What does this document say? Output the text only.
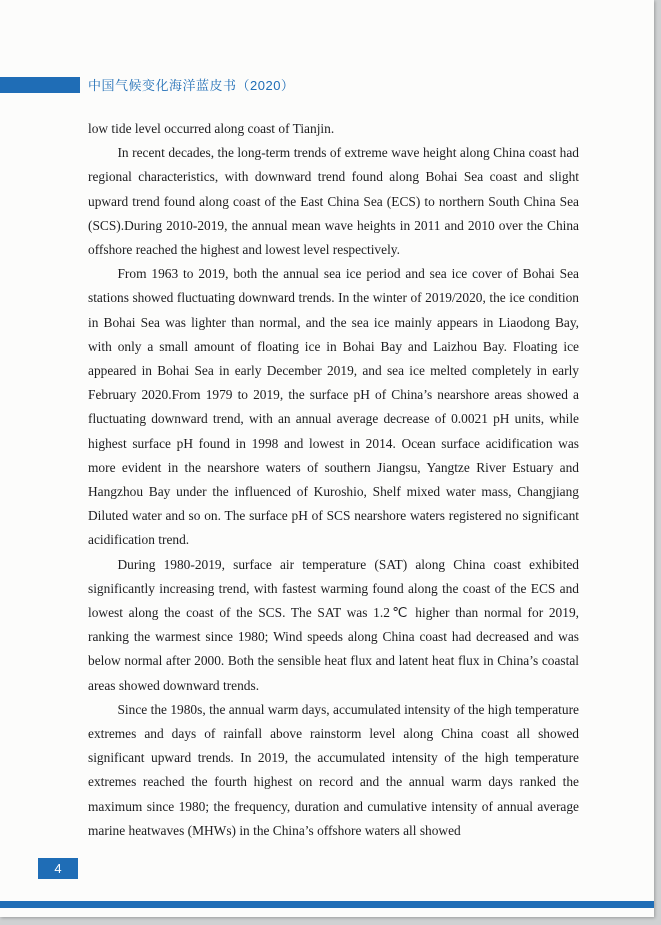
中国气候变化海洋蓝皮书（2020）

low tide level occurred along coast of Tianjin.

In recent decades, the long-term trends of extreme wave height along China coast had regional characteristics, with downward trend found along Bohai Sea coast and slight upward trend found along coast of the East China Sea (ECS) to northern South China Sea (SCS).During 2010-2019, the annual mean wave heights in 2011 and 2010 over the China offshore reached the highest and lowest level respectively.

From 1963 to 2019, both the annual sea ice period and sea ice cover of Bohai Sea stations showed fluctuating downward trends. In the winter of 2019/2020, the ice condition in Bohai Sea was lighter than normal, and the sea ice mainly appears in Liaodong Bay, with only a small amount of floating ice in Bohai Bay and Laizhou Bay. Floating ice appeared in Bohai Sea in early December 2019, and sea ice melted completely in early February 2020.From 1979 to 2019, the surface pH of China’s nearshore areas showed a fluctuating downward trend, with an annual average decrease of 0.0021 pH units, while highest surface pH found in 1998 and lowest in 2014. Ocean surface acidification was more evident in the nearshore waters of southern Jiangsu, Yangtze River Estuary and Hangzhou Bay under the influenced of Kuroshio, Shelf mixed water mass, Changjiang Diluted water and so on. The surface pH of SCS nearshore waters registered no significant acidification trend.

During 1980-2019, surface air temperature (SAT) along China coast exhibited significantly increasing trend, with fastest warming found along the coast of the ECS and lowest along the coast of the SCS. The SAT was 1.2℃ higher than normal for 2019, ranking the warmest since 1980; Wind speeds along China coast had decreased and was below normal after 2000. Both the sensible heat flux and latent heat flux in China’s coastal areas showed downward trends.

Since the 1980s, the annual warm days, accumulated intensity of the high temperature extremes and days of rainfall above rainstorm level along China coast all showed significant upward trends. In 2019, the accumulated intensity of the high temperature extremes reached the fourth highest on record and the annual warm days ranked the maximum since 1980; the frequency, duration and cumulative intensity of annual average marine heatwaves (MHWs) in the China’s offshore waters all showed

4
